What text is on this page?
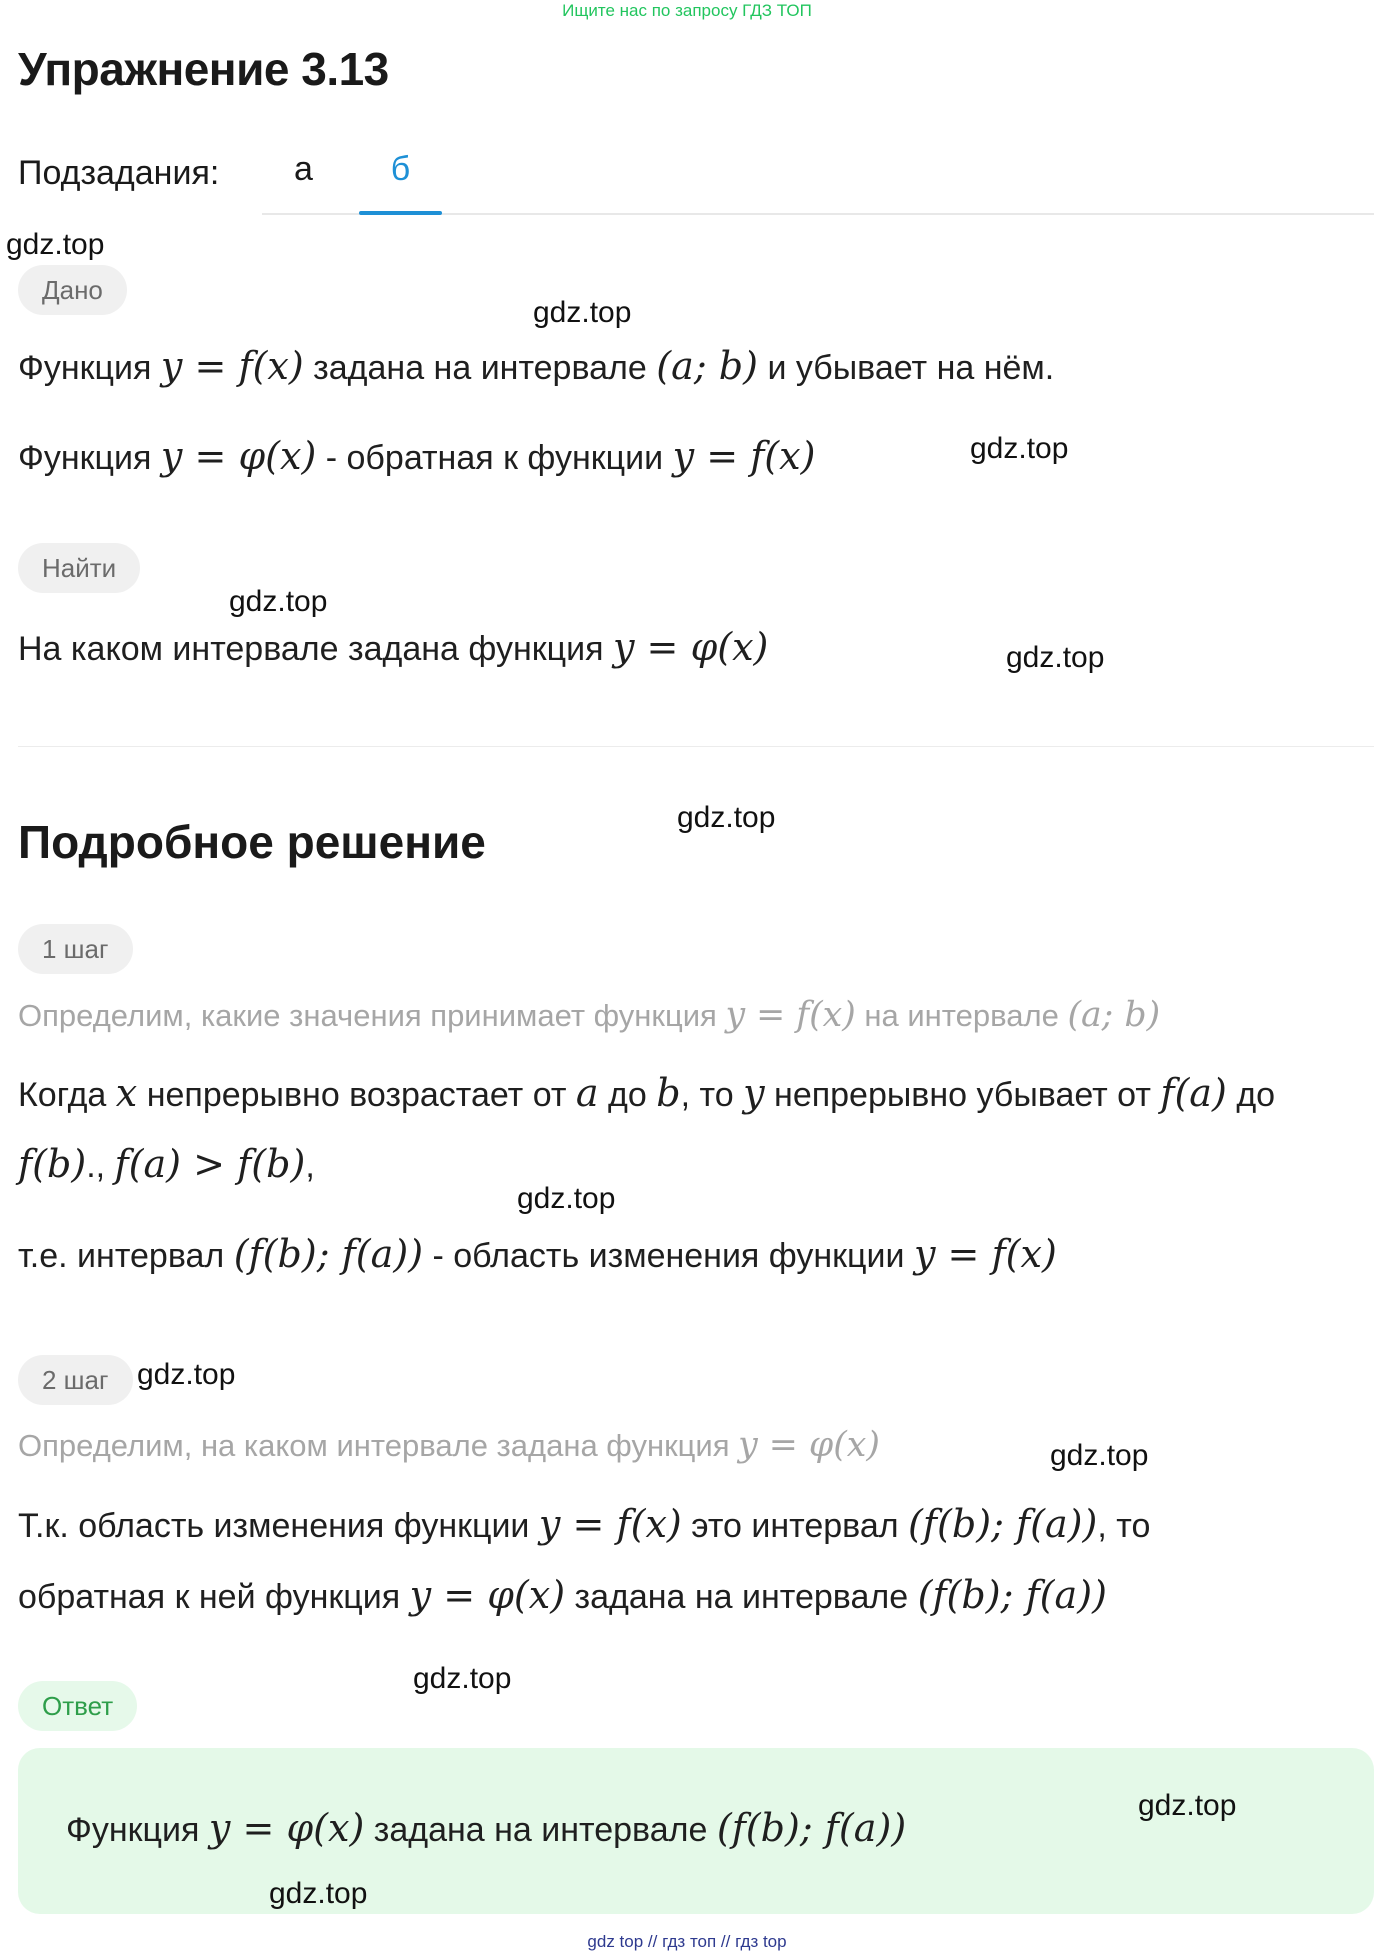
Ищите нас по запросу ГДЗ ТОП
Упражнение 3.13
Подзадания:	а	б
Дано
Функция y = f(x) задана на интервале (a; b) и убывает на нём.
Функция y = φ(x) - обратная к функции y = f(x)
Найти
На каком интервале задана функция y = φ(x)
Подробное решение
1 шаг
Определим, какие значения принимает функция y = f(x) на интервале (a; b)
Когда x непрерывно возрастает от a до b, то y непрерывно убывает от f(a) до
f(b)., f(a) > f(b),
т.е. интервал (f(b); f(a)) - область изменения функции y = f(x)
2 шаг
Определим, на каком интервале задана функция y = φ(x)
Т.к. область изменения функции y = f(x) это интервал (f(b); f(a)), то
обратная к ней функция y = φ(x) задана на интервале (f(b); f(a))
Ответ
Функция y = φ(x) задана на интервале (f(b); f(a))
gdz.top
gdz.top
gdz.top
gdz.top
gdz.top
gdz.top
gdz.top
gdz.top
gdz.top
gdz.top
gdz.top
gdz.top
gdz top // гдз топ // гдз top
